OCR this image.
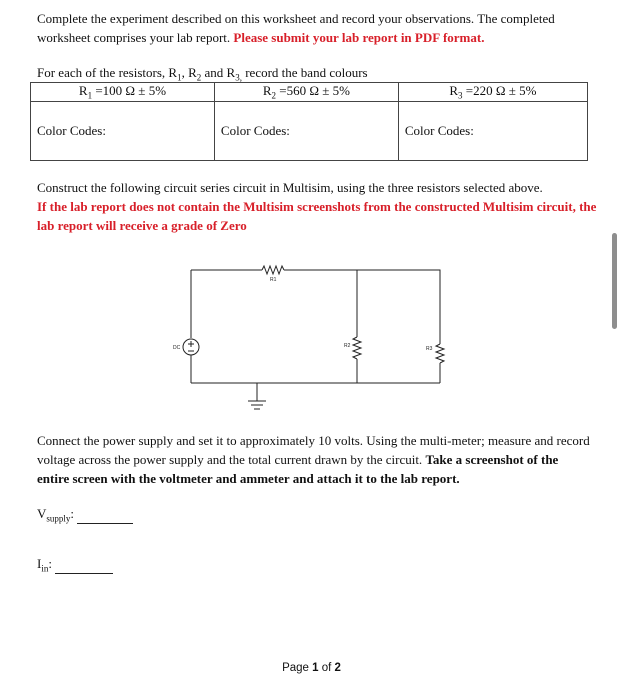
Complete the experiment described on this worksheet and record your observations. The completed worksheet comprises your lab report. Please submit your lab report in PDF format.
For each of the resistors, $R_1$, $R_2$ and $R_{3,}$ record the band colours
$R_1 =100$ Ω ± 5%	$R_2 =560$ Ω ± 5%	$R_3 =220$ Ω ± 5%
Color Codes:	Color Codes:	Color Codes:
Construct the following circuit series circuit in Multisim, using the three resistors selected above.
If the lab report does not contain the Multisim screenshots from the constructed Multisim circuit, the lab report will receive a grade of Zero
R1
R2	R3
DC
Connect the power supply and set it to approximately 10 volts. Using the multi-meter; measure and record voltage across the power supply and the total current drawn by the circuit. Take a screenshot of the entire screen with the voltmeter and ammeter and attach it to the lab report.
$V_{supply}$:
$I_{in}$:
Page 1 of 2
